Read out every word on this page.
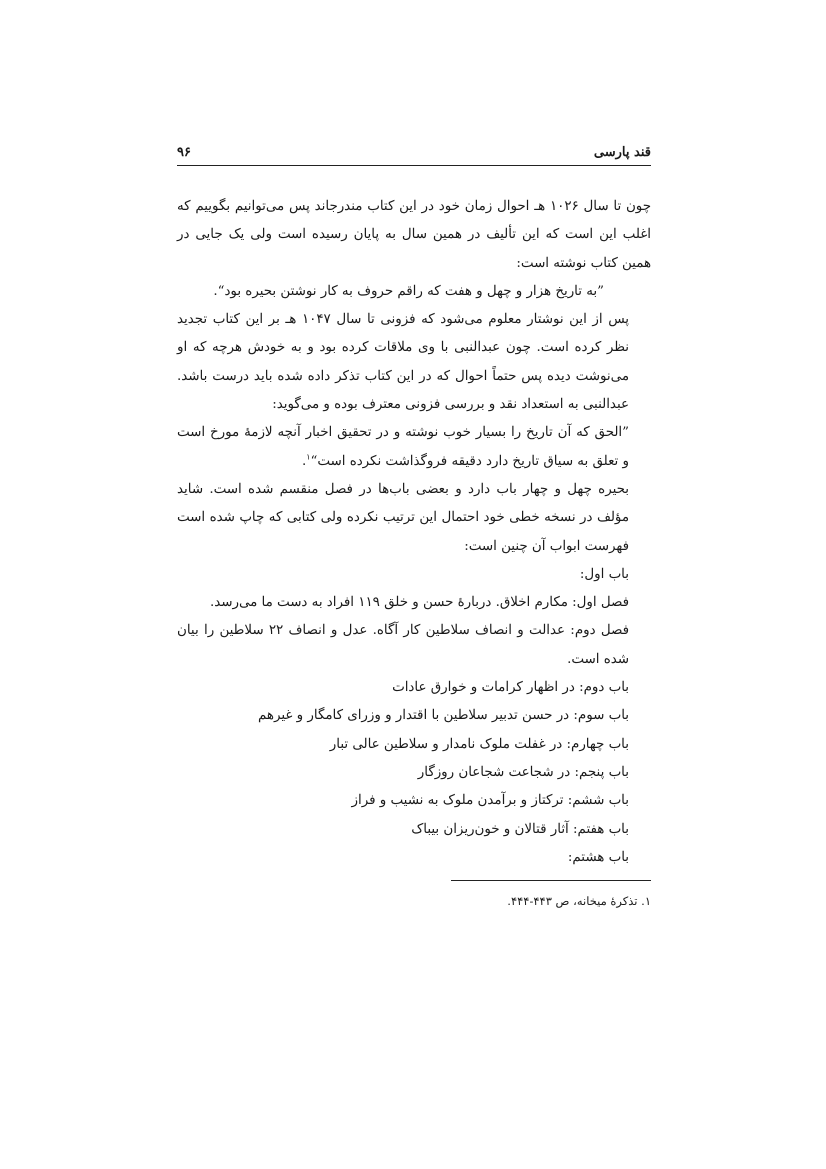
قند پارسی
۹۶

چون تا سال ۱۰۲۶ هـ احوال زمان خود در این کتاب مندرجاند پس می‌توانیم بگوییم که اغلب این است که این تألیف در همین سال به پایان رسیده است ولی یک جایی در همین کتاب نوشته است:

”به تاریخ هزار و چهل و هفت که راقم حروف به کار نوشتن بحیره بود“.

پس از این نوشتار معلوم می‌شود که فزونی تا سال ۱۰۴۷ هـ بر این کتاب تجدید نظر کرده است. چون عبدالنبی با وی ملاقات کرده بود و به خودش هرچه که او می‌نوشت دیده پس حتماً احوال که در این کتاب تذکر داده شده باید درست باشد. عبدالنبی به استعداد نقد و بررسی فزونی معترف بوده و می‌گوید:

”الحق که آن تاریخ را بسیار خوب نوشته و در تحقیق اخبار آنچه لازمهٔ مورخ است و تعلق به سیاق تاریخ دارد دقیقه فروگذاشت نکرده است“$^۱$.

بحیره چهل و چهار باب دارد و بعضی باب‌ها در فصل منقسم شده است. شاید مؤلف در نسخه خطی خود احتمال این ترتیب نکرده ولی کتابی که چاپ شده است فهرست ابواب آن چنین است:

باب اول:

فصل اول: مکارم اخلاق. دربارهٔ حسن و خلق ۱۱۹ افراد به دست ما می‌رسد.

فصل دوم: عدالت و انصاف سلاطین کار آگاه. عدل و انصاف ۲۲ سلاطین را بیان شده است.

باب دوم: در اظهار کرامات و خوارق عادات

باب سوم: در حسن تدبیر سلاطین با اقتدار و وزرای کامگار و غیرهم

باب چهارم: در غفلت ملوک نامدار و سلاطین عالی تبار

باب پنجم: در شجاعت شجاعان روزگار

باب ششم: ترکتاز و برآمدن ملوک به نشیب و فراز

باب هفتم: آثار قتالان و خون‌ریزان بیباک

باب هشتم:

۱. تذکرهٔ میخانه، ص ۴۴۳-۴۴۴.
